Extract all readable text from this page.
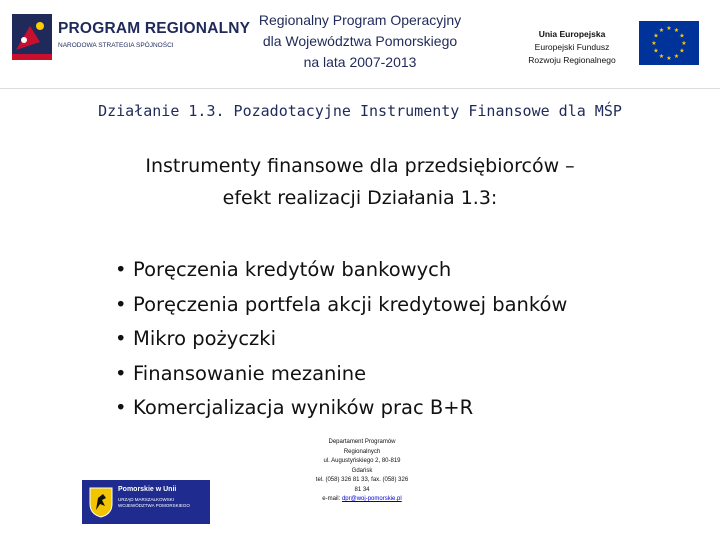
PROGRAM REGIONALNY
NARODOWA STRATEGIA SPÓJNOŚCI
Regionalny Program Operacyjny
dla Województwa Pomorskiego
na lata 2007-2013
Unia Europejska
Europejski Fundusz
Rozwoju Regionalnego
★ ★
★
★
★
★
★
★
★
★
★
★
Działanie 1.3. Pozadotacyjne Instrumenty Finansowe dla MŚP
Instrumenty finansowe dla przedsiębiorców –
efekt realizacji Działania 1.3:
• Poręczenia kredytów bankowych
• Poręczenia portfela akcji kredytowej banków
• Mikro pożyczki
• Finansowanie mezanine
• Komercjalizacja wyników prac B+R
Pomorskie w Unii
URZĄD MARSZAŁKOWSKI
WOJEWÓDZTWA POMORSKIEGO
Departament Programów
Regionalnych
ul. Augustyńskiego 2, 80-819
Gdańsk
tel. (058) 326 81 33, fax. (058) 326
81 34
e-mail: dpr@woj-pomorskie.pl
